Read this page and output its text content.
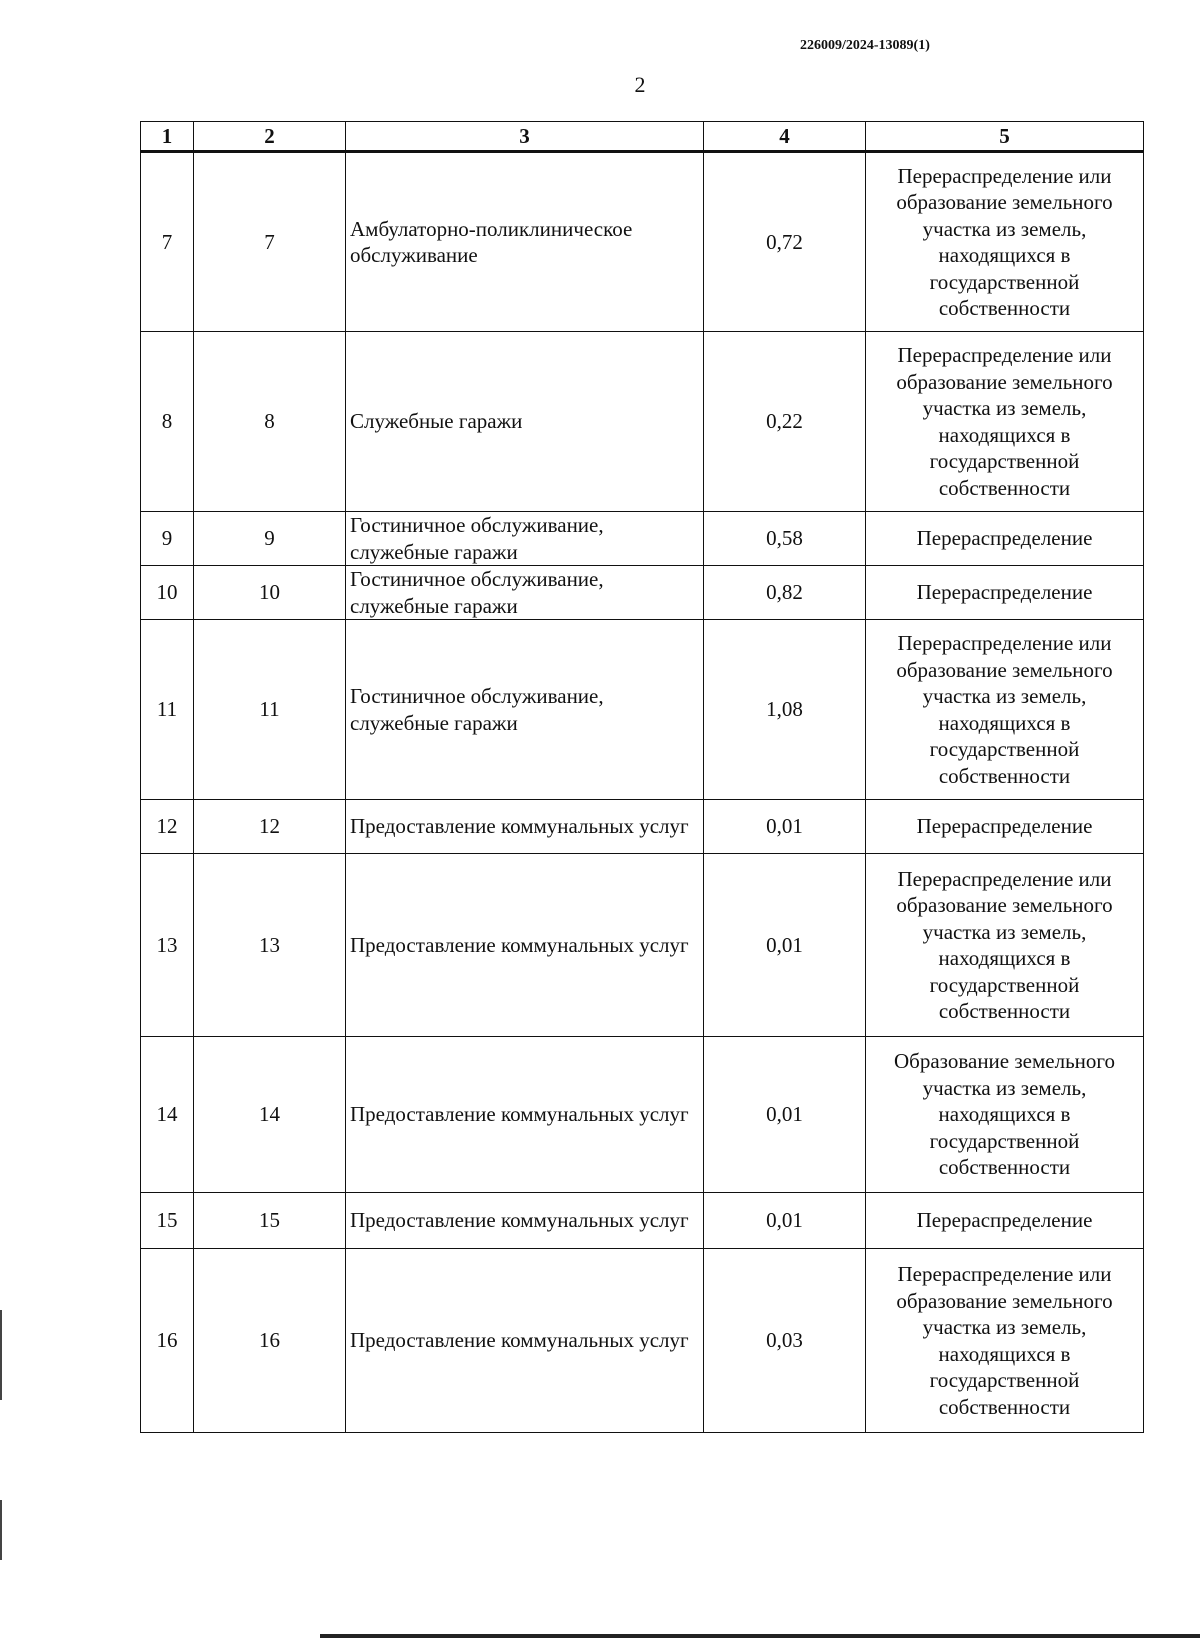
226009/2024-13089(1)
2
1	2	3	4	5
7	7	Амбулаторно-поликлиническое обслуживание	0,72	Перераспределение или образование земельного участка из земель, находящихся в государственной собственности
8	8	Служебные гаражи	0,22	Перераспределение или образование земельного участка из земель, находящихся в государственной собственности
9	9	Гостиничное обслуживание, служебные гаражи	0,58	Перераспределение
10	10	Гостиничное обслуживание, служебные гаражи	0,82	Перераспределение
11	11	Гостиничное обслуживание, служебные гаражи	1,08	Перераспределение или образование земельного участка из земель, находящихся в государственной собственности
12	12	Предоставление коммунальных услуг	0,01	Перераспределение
13	13	Предоставление коммунальных услуг	0,01	Перераспределение или образование земельного участка из земель, находящихся в государственной собственности
14	14	Предоставление коммунальных услуг	0,01	Образование земельного участка из земель, находящихся в государственной собственности
15	15	Предоставление коммунальных услуг	0,01	Перераспределение
16	16	Предоставление коммунальных услуг	0,03	Перераспределение или образование земельного участка из земель, находящихся в государственной собственности
